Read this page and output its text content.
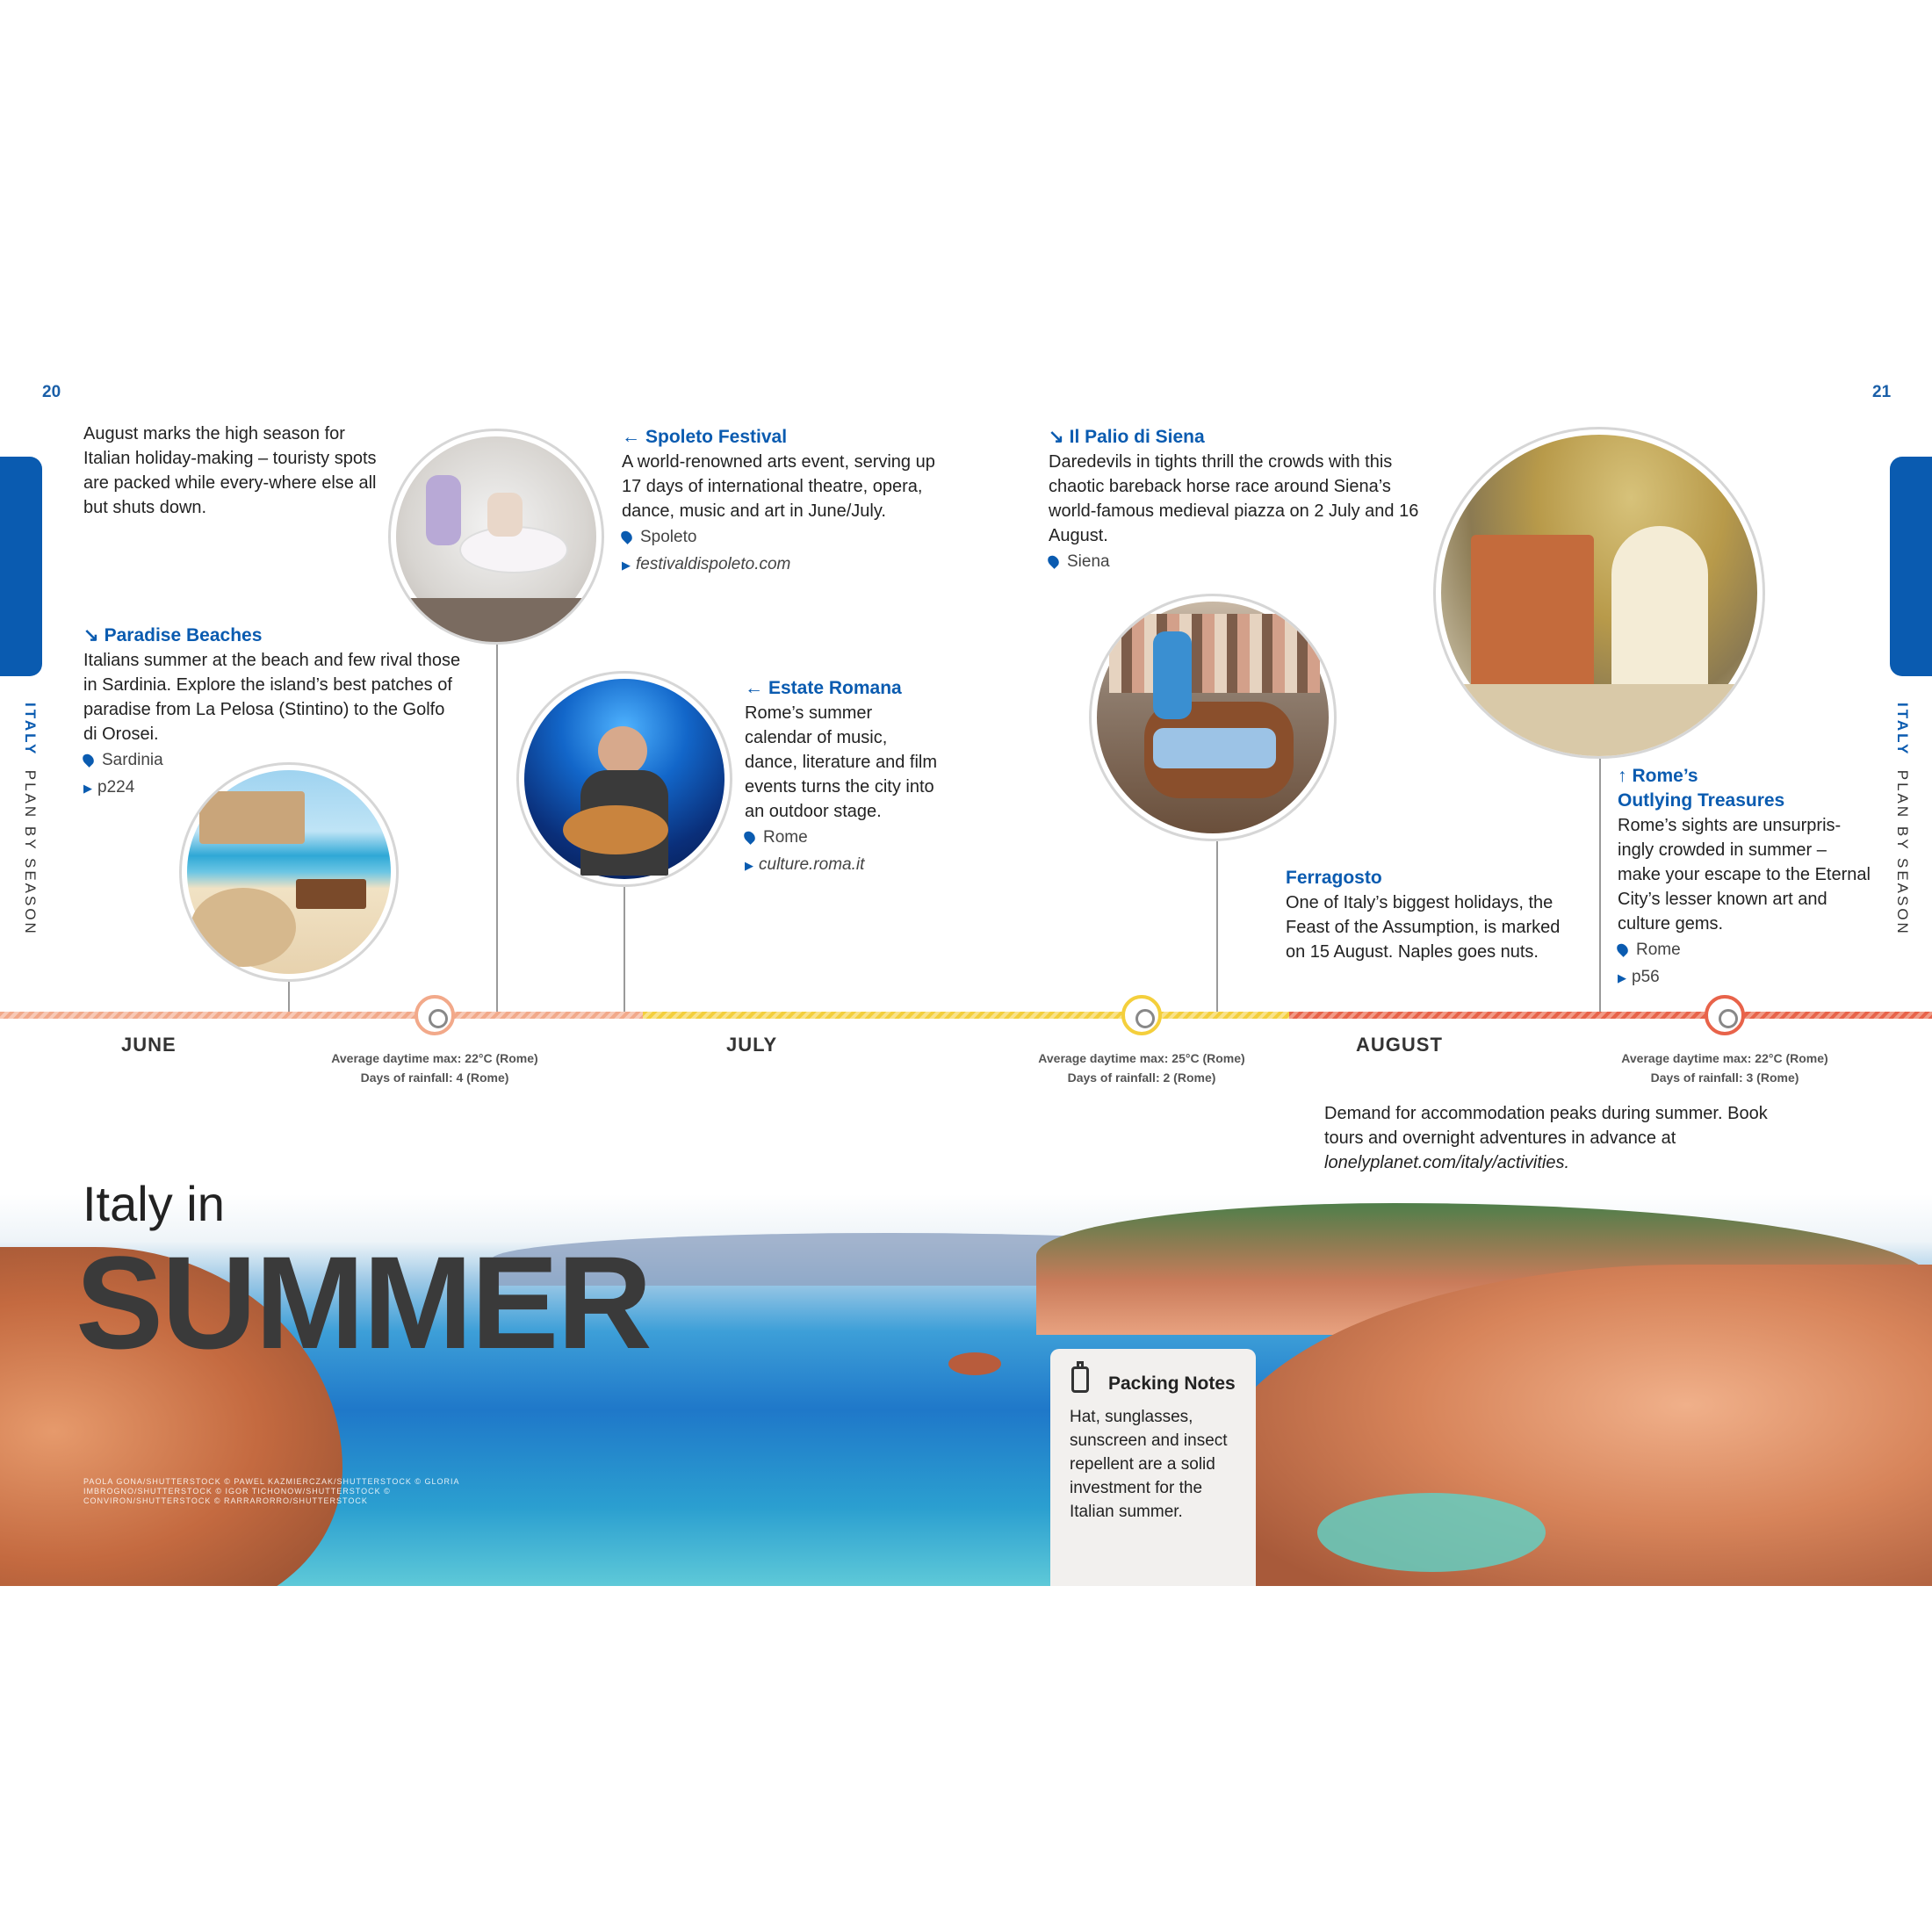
20	21
ITALY  PLAN BY SEASON
ITALY  PLAN BY SEASON
August marks the high season for Italian holiday-making – touristy spots are packed while every-where else all but shuts down.
↘ Paradise Beaches
Italians summer at the beach and few rival those in Sardinia. Explore the island’s best patches of paradise from La Pelosa (Stintino) to the Golfo di Orosei.
Sardinia
▶ p224
← Spoleto Festival
A world-renowned arts event, serving up 17 days of international theatre, opera, dance, music and art in June/July.
Spoleto
▶ festivaldispoleto.com
← Estate Romana
Rome’s summer calendar of music, dance, literature and film events turns the city into an outdoor stage.
Rome
▶ culture.roma.it
↘ Il Palio di Siena
Daredevils in tights thrill the crowds with this chaotic bareback horse race around Siena’s world-famous medieval piazza on 2 July and 16 August.
Siena
Ferragosto
One of Italy’s biggest holidays, the Feast of the Assumption, is marked on 15 August. Naples goes nuts.
↑ Rome’s
Outlying Treasures
Rome’s sights are unsurpris-ingly crowded in summer – make your escape to the Eternal City’s lesser known art and culture gems.
Rome
▶ p56
JUNE	JULY	AUGUST
Average daytime max: 22°C (Rome)
Days of rainfall: 4 (Rome)
Average daytime max: 25°C (Rome)
Days of rainfall: 2 (Rome)
Average daytime max: 22°C (Rome)
Days of rainfall: 3 (Rome)
Demand for accommodation peaks during summer. Book tours and overnight adventures in advance at lonelyplanet.com/italy/activities.
Italy in
SUMMER
PAOLA GONA/SHUTTERSTOCK © PAWEL KAZMIERCZAK/SHUTTERSTOCK © GLORIA IMBROGNO/SHUTTERSTOCK © IGOR TICHONOW/SHUTTERSTOCK © CONVIRON/SHUTTERSTOCK © RARRARORRO/SHUTTERSTOCK
Packing Notes
Hat, sunglasses, sunscreen and insect repellent are a solid investment for the Italian summer.
